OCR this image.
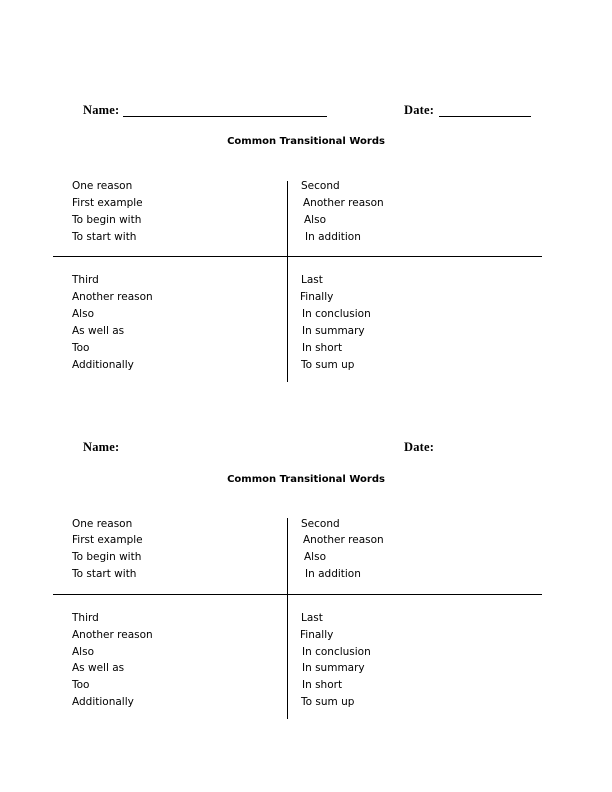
Name:	Date:
Common Transitional Words
One reason
First example
To begin with
To start with
Second
Another reason
Also
In addition
Third
Another reason
Also
As well as
Too
Additionally
Last
Finally
In conclusion
In summary
In short
To sum up
Name:	Date:
Common Transitional Words
One reason
First example
To begin with
To start with
Second
Another reason
Also
In addition
Third
Another reason
Also
As well as
Too
Additionally
Last
Finally
In conclusion
In summary
In short
To sum up
